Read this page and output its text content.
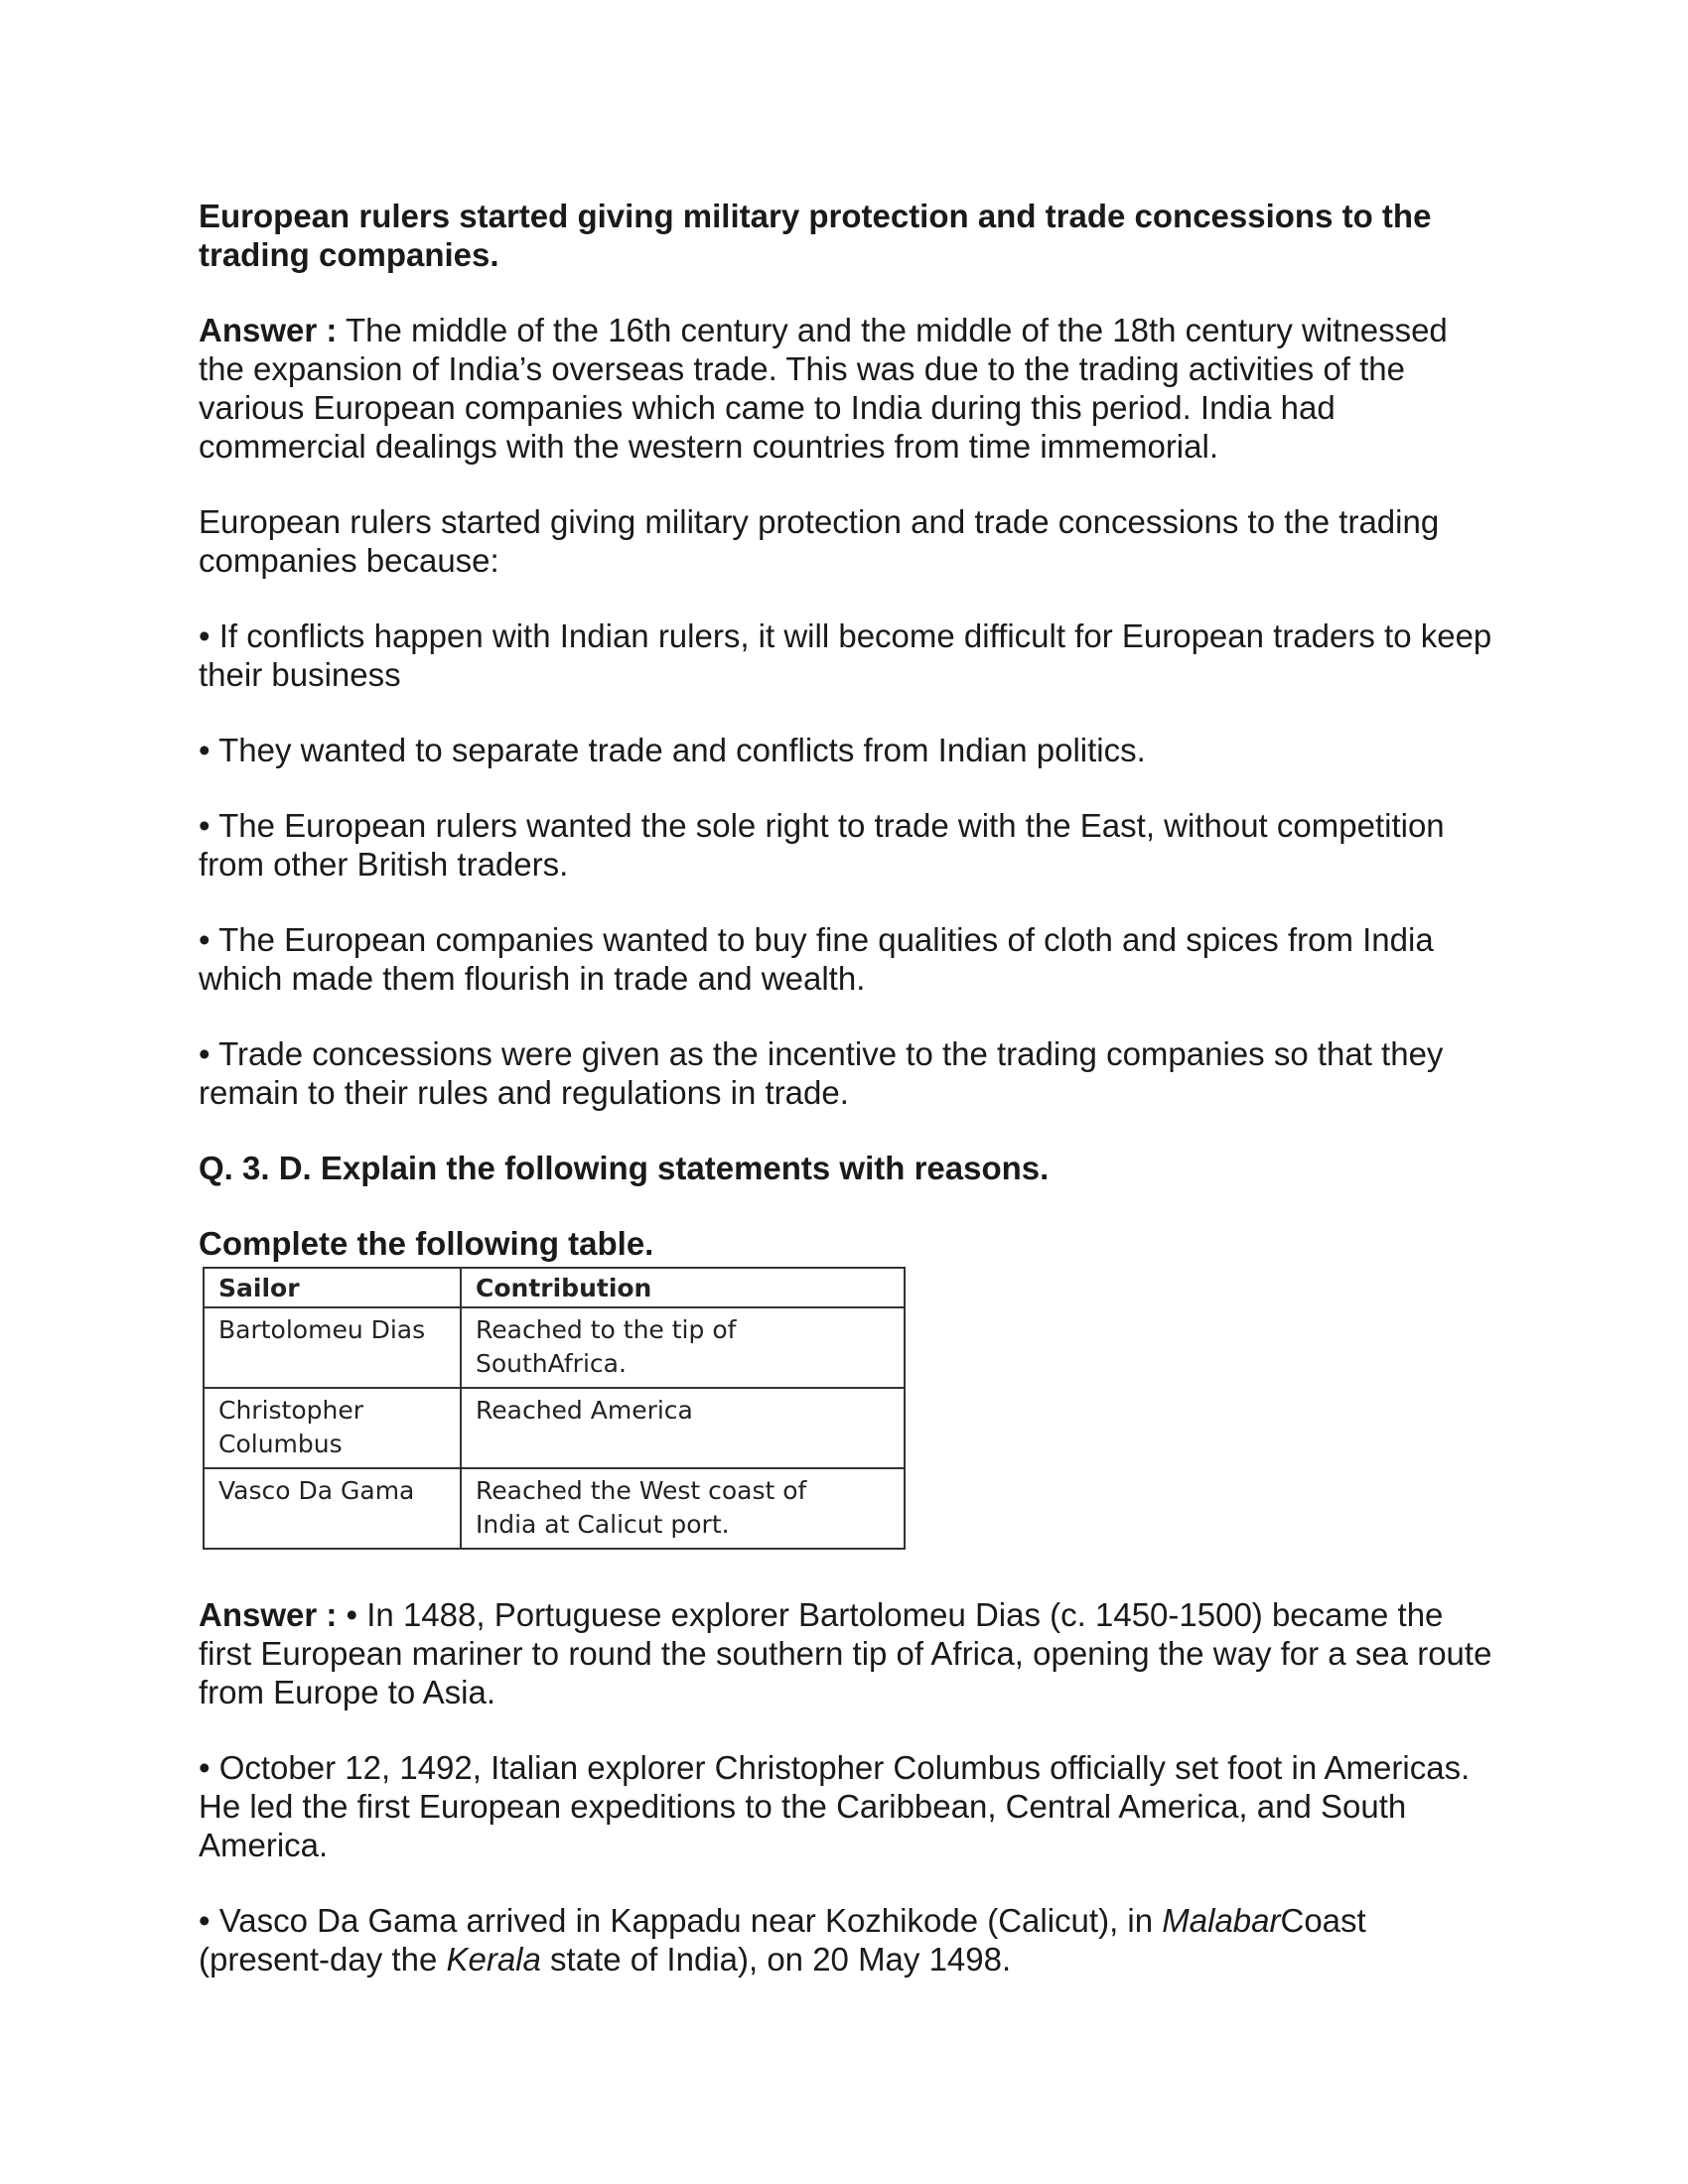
European rulers started giving military protection and trade concessions to the trading companies.

Answer : The middle of the 16th century and the middle of the 18th century witnessed the expansion of India’s overseas trade. This was due to the trading activities of the various European companies which came to India during this period. India had commercial dealings with the western countries from time immemorial.

European rulers started giving military protection and trade concessions to the trading companies because:

• If conflicts happen with Indian rulers, it will become difficult for European traders to keep their business

• They wanted to separate trade and conflicts from Indian politics.

• The European rulers wanted the sole right to trade with the East, without competition from other British traders.

• The European companies wanted to buy fine qualities of cloth and spices from India which made them flourish in trade and wealth.

• Trade concessions were given as the incentive to the trading companies so that they remain to their rules and regulations in trade.

Q. 3. D. Explain the following statements with reasons.

Complete the following table.

Sailor	Contribution
Bartolomeu Dias	Reached to the tip of SouthAfrica.

Christopher Columbus	Reached America
Vasco Da Gama	Reached the West coast of India at Calicut port.

Answer : • In 1488, Portuguese explorer Bartolomeu Dias (c. 1450-1500) became the first European mariner to round the southern tip of Africa, opening the way for a sea route from Europe to Asia.

• October 12, 1492, Italian explorer Christopher Columbus officially set foot in Americas. He led the first European expeditions to the Caribbean, Central America, and South America.

• Vasco Da Gama arrived in Kappadu near Kozhikode (Calicut), in MalabarCoast (present-day the Kerala state of India), on 20 May 1498.
